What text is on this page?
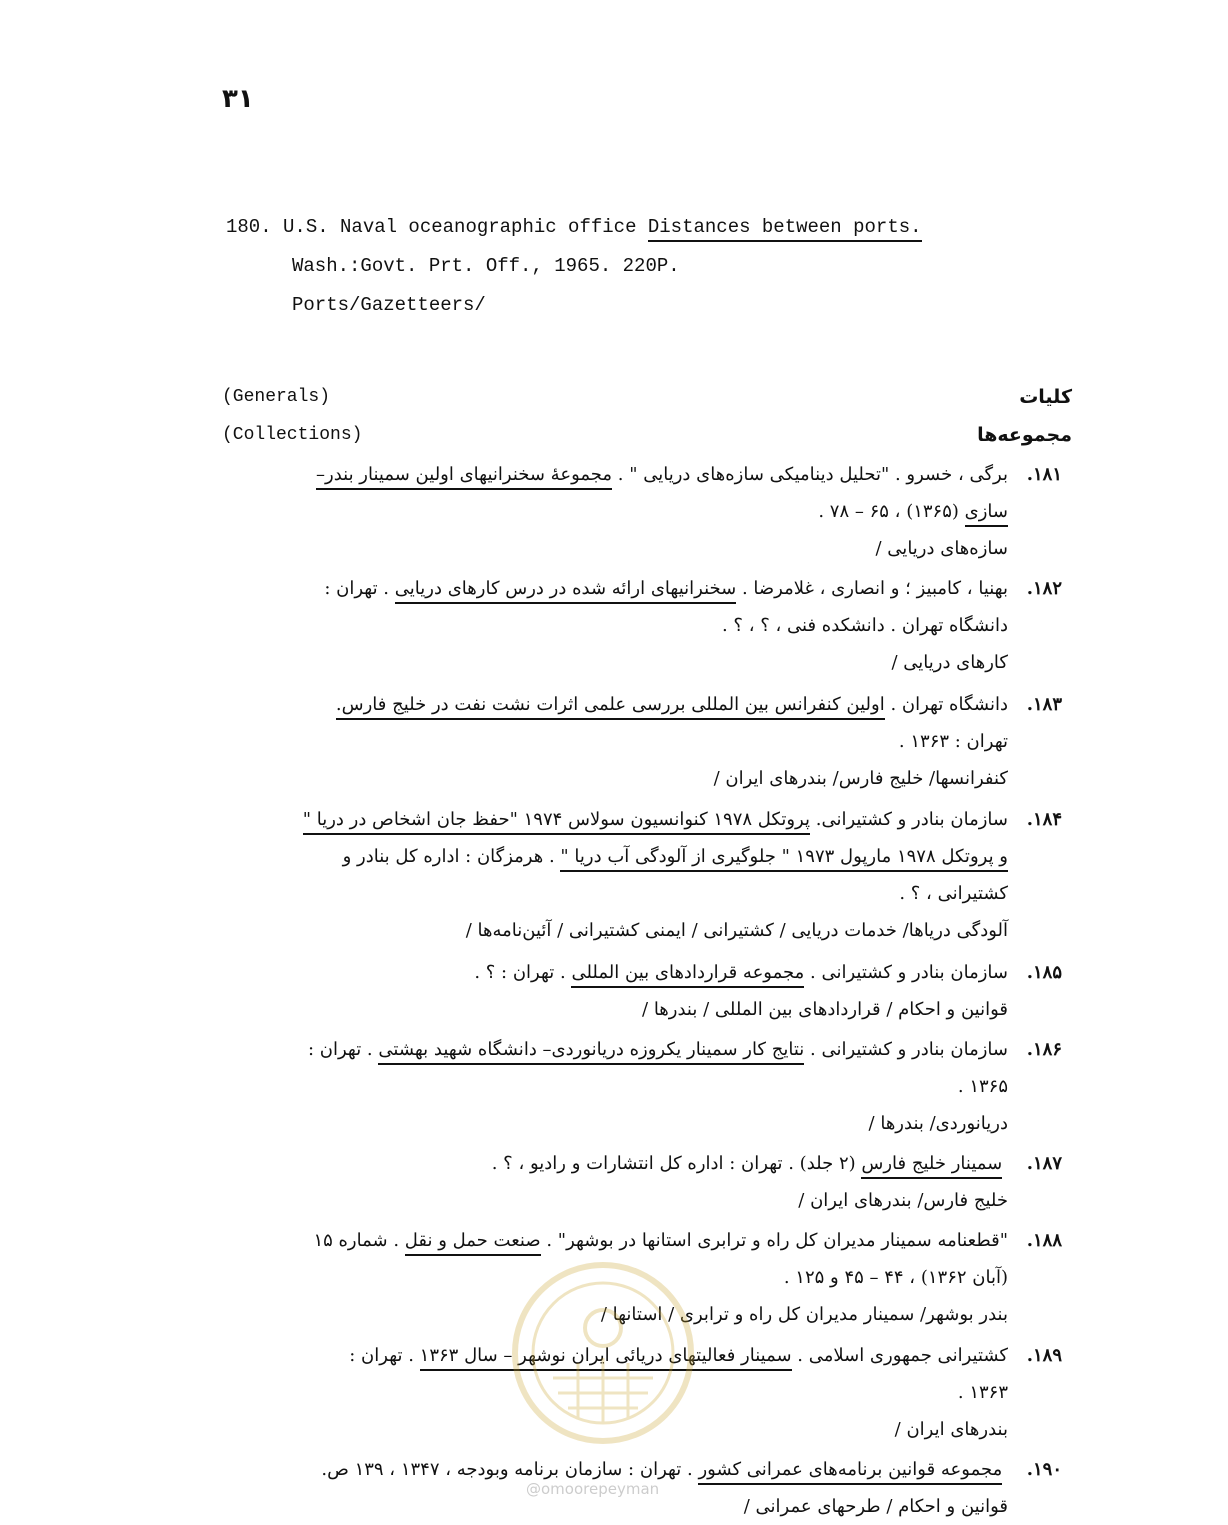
۳۱
180. U.S. Naval oceanographic office Distances between ports.
Wash.:Govt. Prt. Off., 1965. 220P.
Ports/Gazetteers/
(Generals)	کلیات
(Collections)	مجموعه‌ها
۱۸۱.برگی ، خسرو . "تحلیل دینامیکی سازه‌های دریایی " . مجموعهٔ سخنرانیهای اولین سمینار بندر–
سازی (۱۳۶۵) ، ۶۵ – ۷۸ .
سازه‌های دریایی /
۱۸۲.بهنیا ، کامبیز ؛ و انصاری ، غلامرضا . سخنرانیهای ارائه شده در درس کارهای دریایی . تهران :
دانشگاه تهران . دانشکده فنی ، ؟ ، ؟ .
کارهای دریایی /
۱۸۳.دانشگاه تهران . اولین کنفرانس بین المللی بررسی علمی اثرات نشت نفت در خلیج فارس.
تهران : ۱۳۶۳ .
کنفرانسها/ خلیج فارس/ بندرهای ایران /
۱۸۴.سازمان بنادر و کشتیرانی. پروتکل ۱۹۷۸ کنوانسیون سولاس ۱۹۷۴ "حفظ جان اشخاص در دریا "
و پروتکل ۱۹۷۸ مارپول ۱۹۷۳ " جلوگیری از آلودگی آب دریا " . هرمزگان : اداره کل بنادر و
کشتیرانی ، ؟ .
آلودگی دریاها/ خدمات دریایی / کشتیرانی / ایمنی کشتیرانی / آئین‌نامه‌ها /
۱۸۵.سازمان بنادر و کشتیرانی . مجموعه قراردادهای بین المللی . تهران : ؟ .
قوانین و احکام / قراردادهای بین المللی / بندرها /
۱۸۶.سازمان بنادر و کشتیرانی . نتایج کار سمینار یکروزه دریانوردی– دانشگاه شهید بهشتی . تهران :
۱۳۶۵ .
دریانوردی/ بندرها /
۱۸۷. سمینار خلیج فارس (۲ جلد) . تهران : اداره کل انتشارات و رادیو ، ؟ .
خلیج فارس/ بندرهای ایران /
۱۸۸."قطعنامه سمینار مدیران کل راه و ترابری استانها در بوشهر" . صنعت حمل و نقل . شماره ۱۵
(آبان ۱۳۶۲) ، ۴۴ – ۴۵ و ۱۲۵ .
بندر بوشهر/ سمینار مدیران کل راه و ترابری / استانها /
۱۸۹.کشتیرانی جمهوری اسلامی . سمینار فعالیتهای دریائی ایران نوشهر – سال ۱۳۶۳ . تهران :
۱۳۶۳ .
بندرهای ایران /
۱۹۰. مجموعه قوانین برنامه‌های عمرانی کشور . تهران : سازمان برنامه وبودجه ، ۱۳۴۷ ، ۱۳۹ ص.
قوانین و احکام / طرحهای عمرانی /
@omoorepeyman
